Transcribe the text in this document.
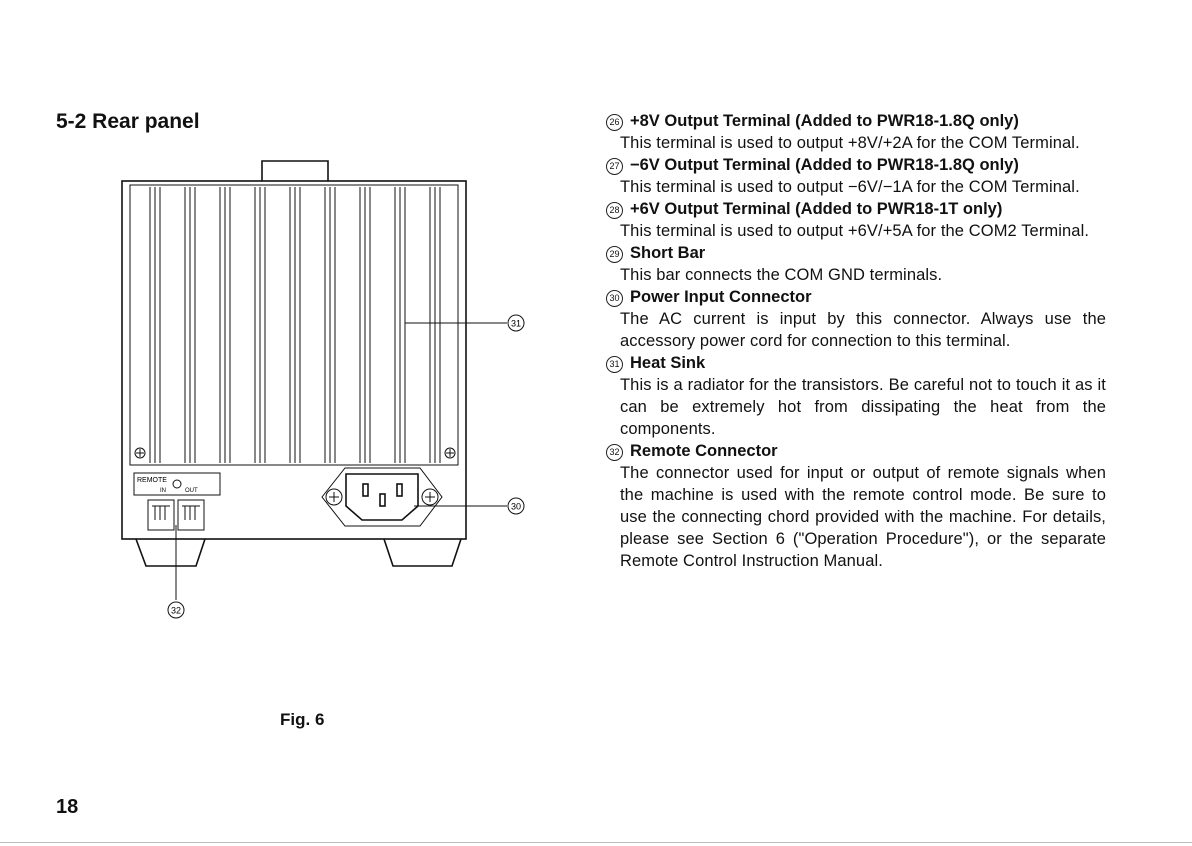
5-2 Rear panel
REMOTE
IN	OUT
31
30
32
Fig. 6
26 +8V Output Terminal (Added to PWR18-1.8Q only)
This terminal is used to output +8V/+2A for the COM Terminal.
27 −6V Output Terminal (Added to PWR18-1.8Q only)
This terminal is used to output −6V/−1A for the COM Terminal.
28 +6V Output Terminal (Added to PWR18-1T only)
This terminal is used to output +6V/+5A for the COM2 Terminal.
29 Short Bar
This bar connects the COM GND terminals.
30 Power Input Connector
The AC current is input by this connector. Always use the accessory power cord for connection to this terminal.
31 Heat Sink
This is a radiator for the transistors. Be careful not to touch it as it can be extremely hot from dissipating the heat from the components.
32 Remote Connector
The connector used for input or output of remote signals when the machine is used with the remote control mode. Be sure to use the connecting chord provided with the machine. For details, please see Section 6 ("Operation Procedure"), or the separate Remote Control Instruction Manual.
18
